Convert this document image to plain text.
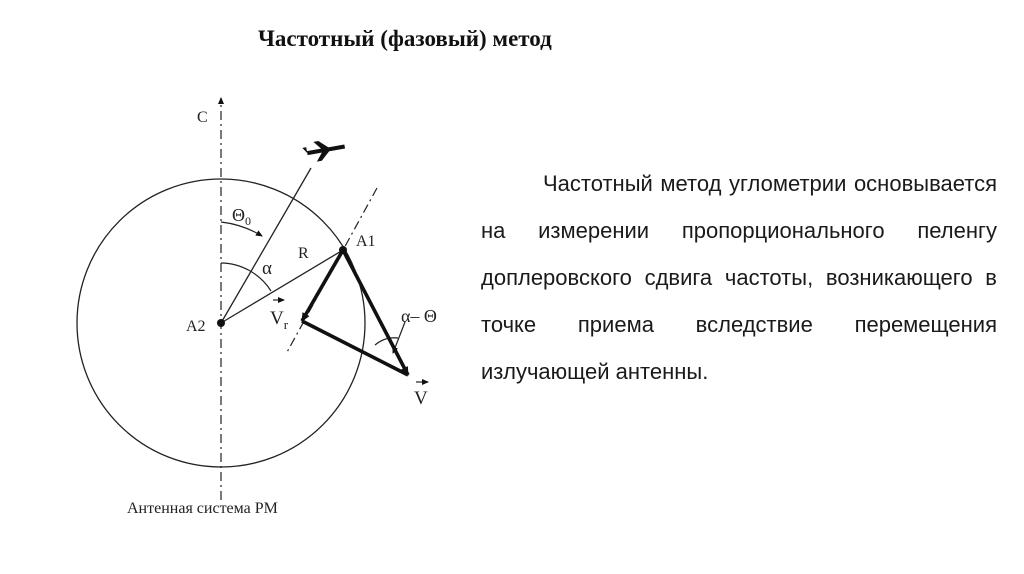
Частотный (фазовый) метод
С
$\Theta_0$
α
R
A1
A2	$V_r$	α– Θ
V
Антенная система РМ

Частотный метод углометрии основывается на измерении пропорционального пеленгу доплеровского сдвига частоты, возникающего в точке приема вследствие перемещения излучающей антенны.
